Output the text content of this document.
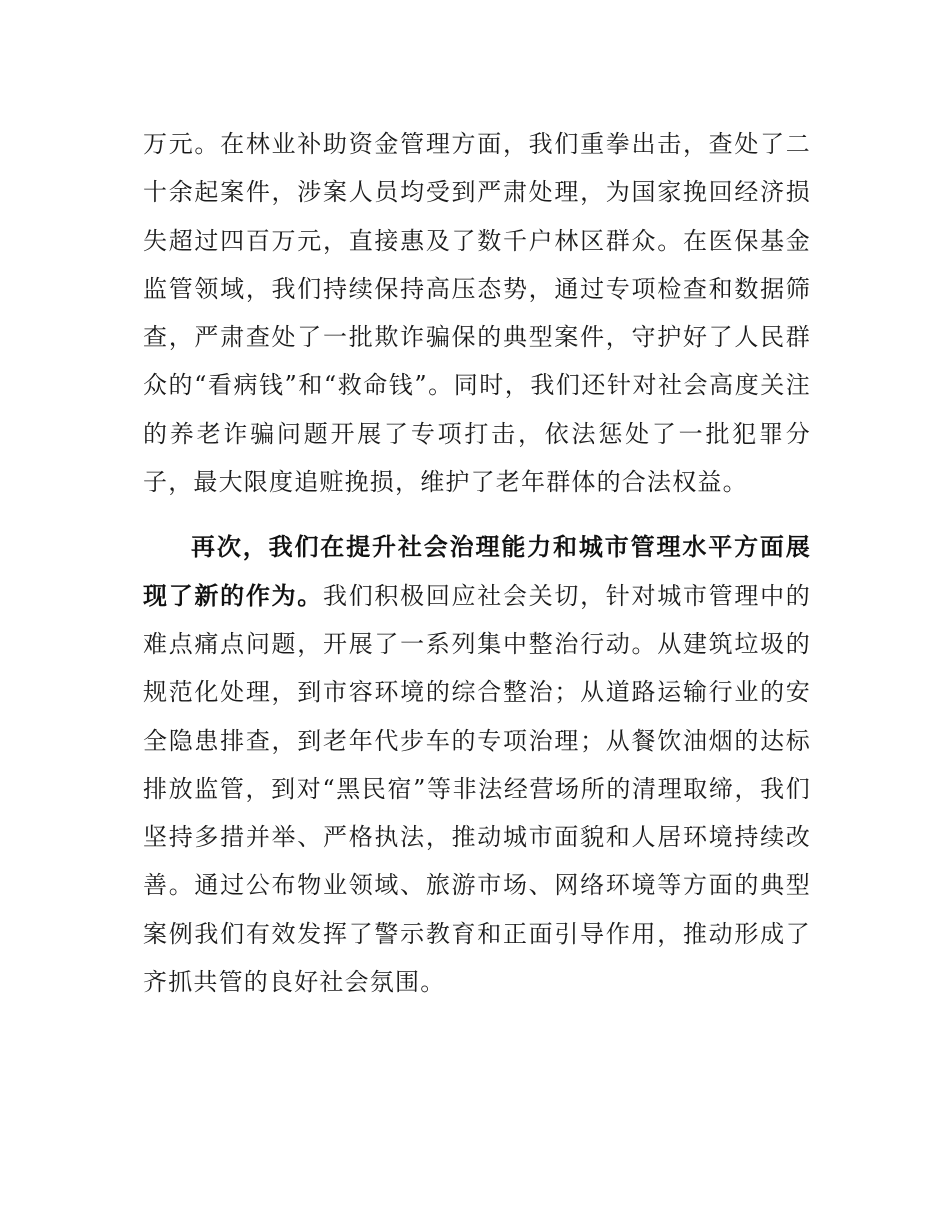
万元。在林业补助资金管理方面，我们重拳出击，查处了二十余起案件，涉案人员均受到严肃处理，为国家挽回经济损失超过四百万元，直接惠及了数千户林区群众。在医保基金监管领域，我们持续保持高压态势，通过专项检查和数据筛查，严肃查处了一批欺诈骗保的典型案件，守护好了人民群众的“看病钱”和“救命钱”。同时，我们还针对社会高度关注的养老诈骗问题开展了专项打击，依法惩处了一批犯罪分子，最大限度追赃挽损，维护了老年群体的合法权益。

再次，我们在提升社会治理能力和城市管理水平方面展现了新的作为。我们积极回应社会关切，针对城市管理中的难点痛点问题，开展了一系列集中整治行动。从建筑垃圾的规范化处理，到市容环境的综合整治；从道路运输行业的安全隐患排查，到老年代步车的专项治理；从餐饮油烟的达标排放监管，到对“黑民宿”等非法经营场所的清理取缔，我们坚持多措并举、严格执法，推动城市面貌和人居环境持续改善。通过公布物业领域、旅游市场、网络环境等方面的典型案例我们有效发挥了警示教育和正面引导作用，推动形成了齐抓共管的良好社会氛围。
